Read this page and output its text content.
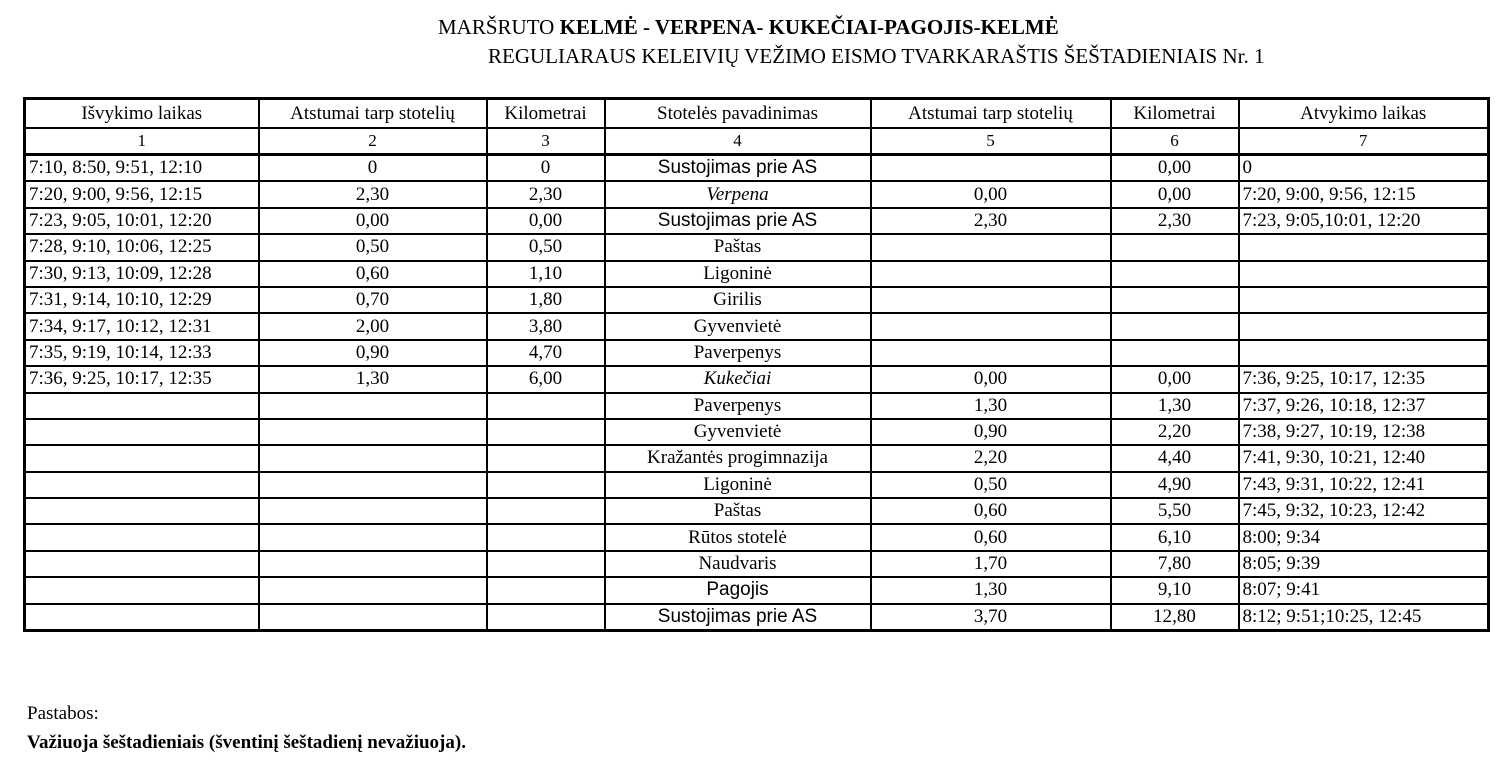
MARŠRUTO KELMĖ - VERPENA- KUKEČIAI-PAGOJIS-KELMĖ
REGULIARAUS KELEIVIŲ VEŽIMO EISMO TVARKARAŠTIS ŠEŠTADIENIAIS Nr. 1
Išvykimo laikas	Atstumai tarp stotelių	Kilometrai	Stotelės pavadinimas	Atstumai tarp stotelių	Kilometrai	Atvykimo laikas
1	2	3	4	5	6	7
7:10, 8:50, 9:51, 12:10	0	0	Sustojimas prie AS		0,00	0
7:20, 9:00, 9:56, 12:15	2,30	2,30	Verpena	0,00	0,00	7:20, 9:00, 9:56, 12:15
7:23, 9:05, 10:01, 12:20	0,00	0,00	Sustojimas prie AS	2,30	2,30	7:23, 9:05,10:01, 12:20
7:28, 9:10, 10:06, 12:25	0,50	0,50	Paštas			
7:30, 9:13, 10:09, 12:28	0,60	1,10	Ligoninė			
7:31, 9:14, 10:10, 12:29	0,70	1,80	Girilis			
7:34, 9:17, 10:12, 12:31	2,00	3,80	Gyvenvietė			
7:35, 9:19, 10:14, 12:33	0,90	4,70	Paverpenys			
7:36, 9:25, 10:17, 12:35	1,30	6,00	Kukečiai	0,00	0,00	7:36, 9:25, 10:17, 12:35
			Paverpenys	1,30	1,30	7:37, 9:26, 10:18, 12:37
			Gyvenvietė	0,90	2,20	7:38, 9:27, 10:19, 12:38
			Kražantės progimnazija	2,20	4,40	7:41, 9:30, 10:21, 12:40
			Ligoninė	0,50	4,90	7:43, 9:31, 10:22, 12:41
			Paštas	0,60	5,50	7:45, 9:32, 10:23, 12:42
			Rūtos stotelė	0,60	6,10	8:00; 9:34
			Naudvaris	1,70	7,80	8:05; 9:39
			Pagojis	1,30	9,10	8:07; 9:41
			Sustojimas prie AS	3,70	12,80	8:12; 9:51;10:25, 12:45
Pastabos:
Važiuoja šeštadieniais (šventinį šeštadienį nevažiuoja).
